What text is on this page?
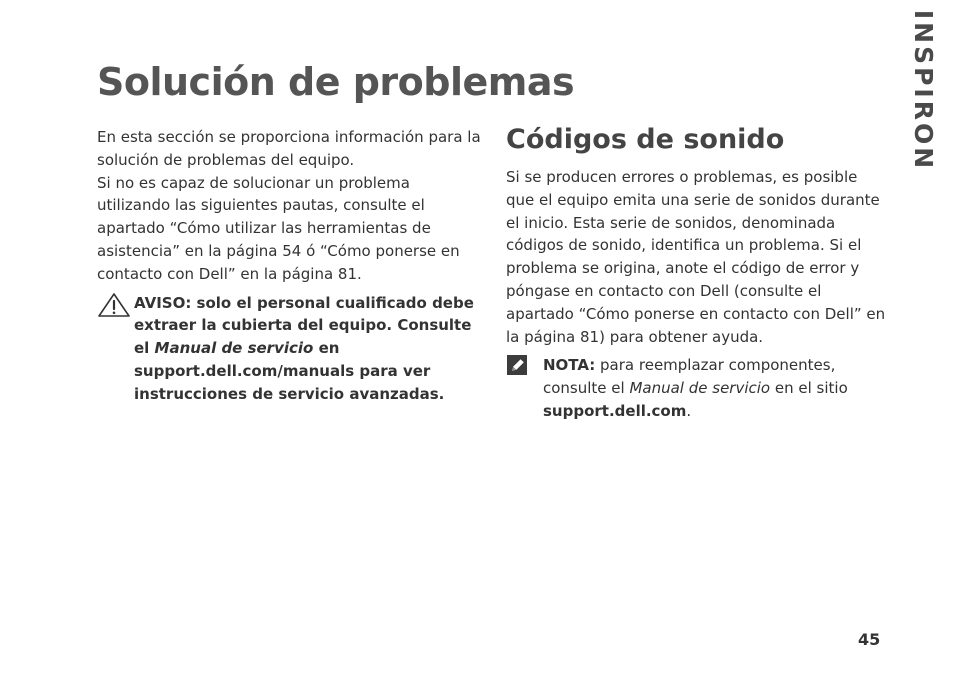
Solución de problemas	INSPIRON

En esta sección se proporciona información para la solución de problemas del equipo.

Si no es capaz de solucionar un problema utilizando las siguientes pautas, consulte el apartado “Cómo utilizar las herramientas de asistencia” en la página 54 ó “Cómo ponerse en contacto con Dell” en la página 81.

AVISO: solo el personal cualificado debe extraer la cubierta del equipo. Consulte el Manual de servicio en support.dell.com/manuals para ver instrucciones de servicio avanzadas.
Códigos de sonido

Si se producen errores o problemas, es posible que el equipo emita una serie de sonidos durante el inicio. Esta serie de sonidos, denominada códigos de sonido, identifica un problema. Si el problema se origina, anote el código de error y póngase en contacto con Dell (consulte el apartado “Cómo ponerse en contacto con Dell” en la página 81) para obtener ayuda.

NOTA: para reemplazar componentes, consulte el Manual de servicio en el sitio support.dell.com.
45
